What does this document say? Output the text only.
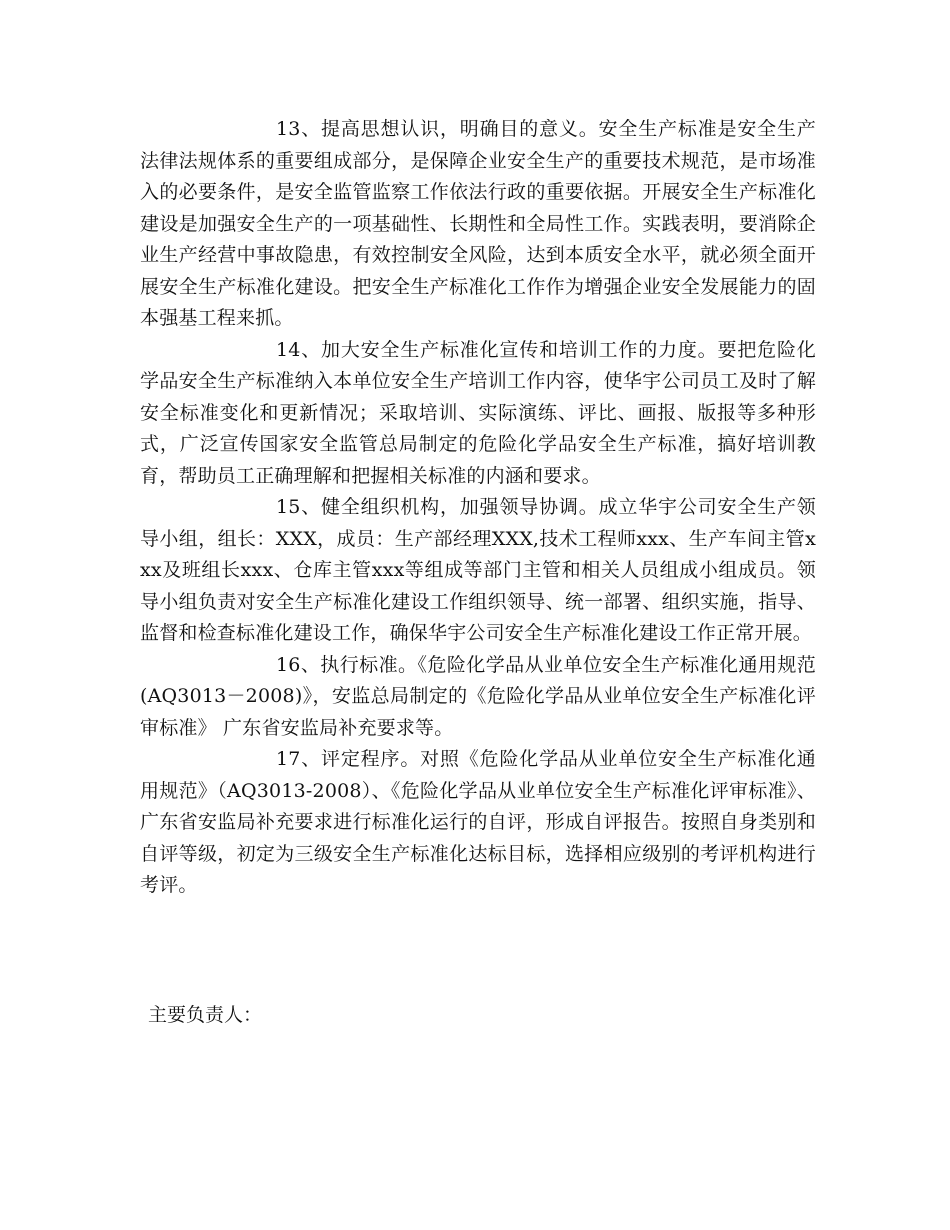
13、提高思想认识，明确目的意义。安全生产标准是安全生产法律法规体系的重要组成部分，是保障企业安全生产的重要技术规范，是市场准入的必要条件，是安全监管监察工作依法行政的重要依据。开展安全生产标准化建设是加强安全生产的一项基础性、长期性和全局性工作。实践表明，要消除企业生产经营中事故隐患，有效控制安全风险，达到本质安全水平，就必须全面开展安全生产标准化建设。把安全生产标准化工作作为增强企业安全发展能力的固本强基工程来抓。

14、加大安全生产标准化宣传和培训工作的力度。要把危险化学品安全生产标准纳入本单位安全生产培训工作内容，使华宇公司员工及时了解安全标准变化和更新情况；采取培训、实际演练、评比、画报、版报等多种形式，广泛宣传国家安全监管总局制定的危险化学品安全生产标准，搞好培训教育，帮助员工正确理解和把握相关标准的内涵和要求。

15、健全组织机构，加强领导协调。成立华宇公司安全生产领导小组，组长：XXX，成员：生产部经理XXX,技术工程师xxx、生产车间主管xxx及班组长xxx、仓库主管xxx等组成等部门主管和相关人员组成小组成员。领导小组负责对安全生产标准化建设工作组织领导、统一部署、组织实施，指导、监督和检查标准化建设工作，确保华宇公司安全生产标准化建设工作正常开展。

16、执行标准。《危险化学品从业单位安全生产标准化通用规范(AQ3013－2008)》，安监总局制定的《危险化学品从业单位安全生产标准化评审标准》 广东省安监局补充要求等。

17、评定程序。对照《危险化学品从业单位安全生产标准化通用规范》（AQ3013-2008）、《危险化学品从业单位安全生产标准化评审标准》、广东省安监局补充要求进行标准化运行的自评，形成自评报告。按照自身类别和自评等级，初定为三级安全生产标准化达标目标，选择相应级别的考评机构进行考评。

主要负责人：
